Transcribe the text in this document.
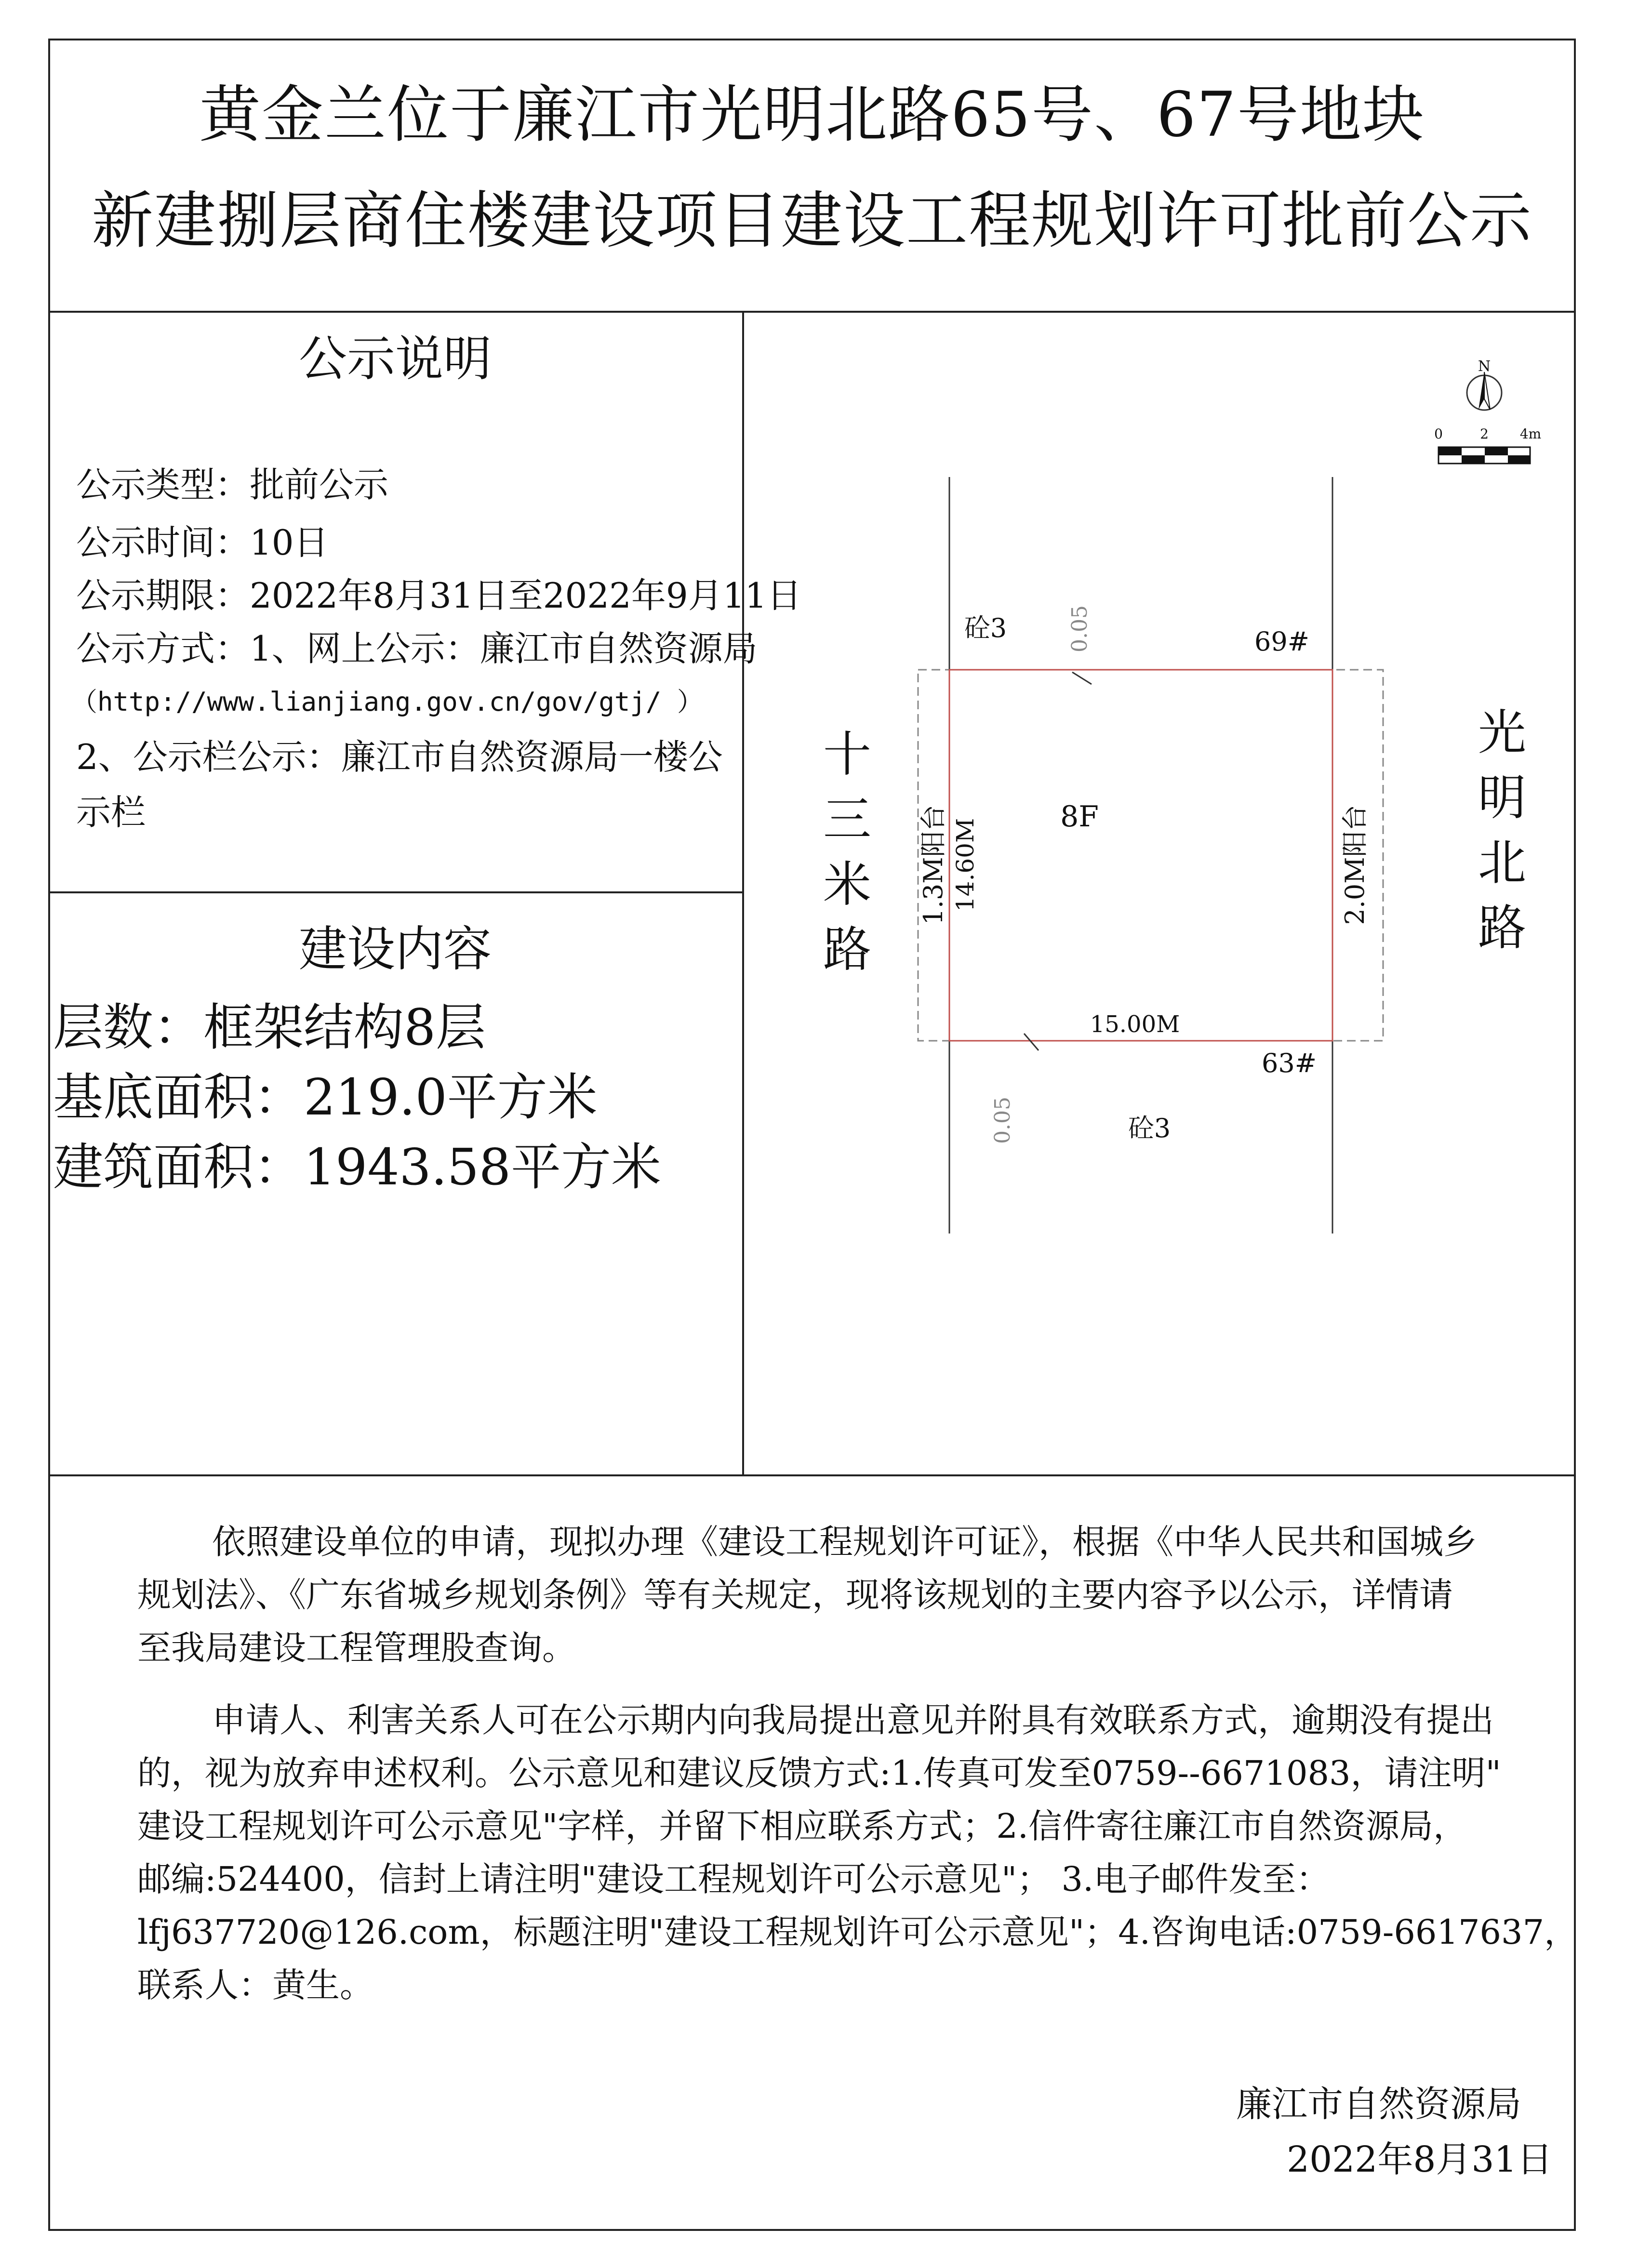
黄金兰位于廉江市光明北路65号、67号地块
新建捌层商住楼建设项目建设工程规划许可批前公示
公示说明
公示类型：批前公示
公示时间：10日
公示期限：2022年8月31日至2022年9月11日
公示方式：1、网上公示：廉江市自然资源局
（http://www.lianjiang.gov.cn/gov/gtj/ ）
2、公示栏公示：廉江市自然资源局一楼公
示栏
建设内容
层数：框架结构8层
基底面积：219.0平方米
建筑面积：1943.58平方米
N
0	2 4m
0.05
0.05
砼3	69#
砼3
63#
8F
1.3M阳台 14.60M	2.0M阳台
15.00M
十三米路
光明北路
依照建设单位的申请，现拟办理《建设工程规划许可证》，根据《中华人民共和国城乡
规划法》、《广东省城乡规划条例》等有关规定，现将该规划的主要内容予以公示，详情请
至我局建设工程管理股查询。
申请人、利害关系人可在公示期内向我局提出意见并附具有效联系方式，逾期没有提出
的，视为放弃申述权利。公示意见和建议反馈方式:1.传真可发至0759--6671083，请注明"
建设工程规划许可公示意见"字样，并留下相应联系方式；2.信件寄往廉江市自然资源局，
邮编:524400，信封上请注明"建设工程规划许可公示意见"； 3.电子邮件发至：
lfj637720@126.com，标题注明"建设工程规划许可公示意见"；4.咨询电话:0759-6617637，
联系人：黄生。
廉江市自然资源局
2022年8月31日
